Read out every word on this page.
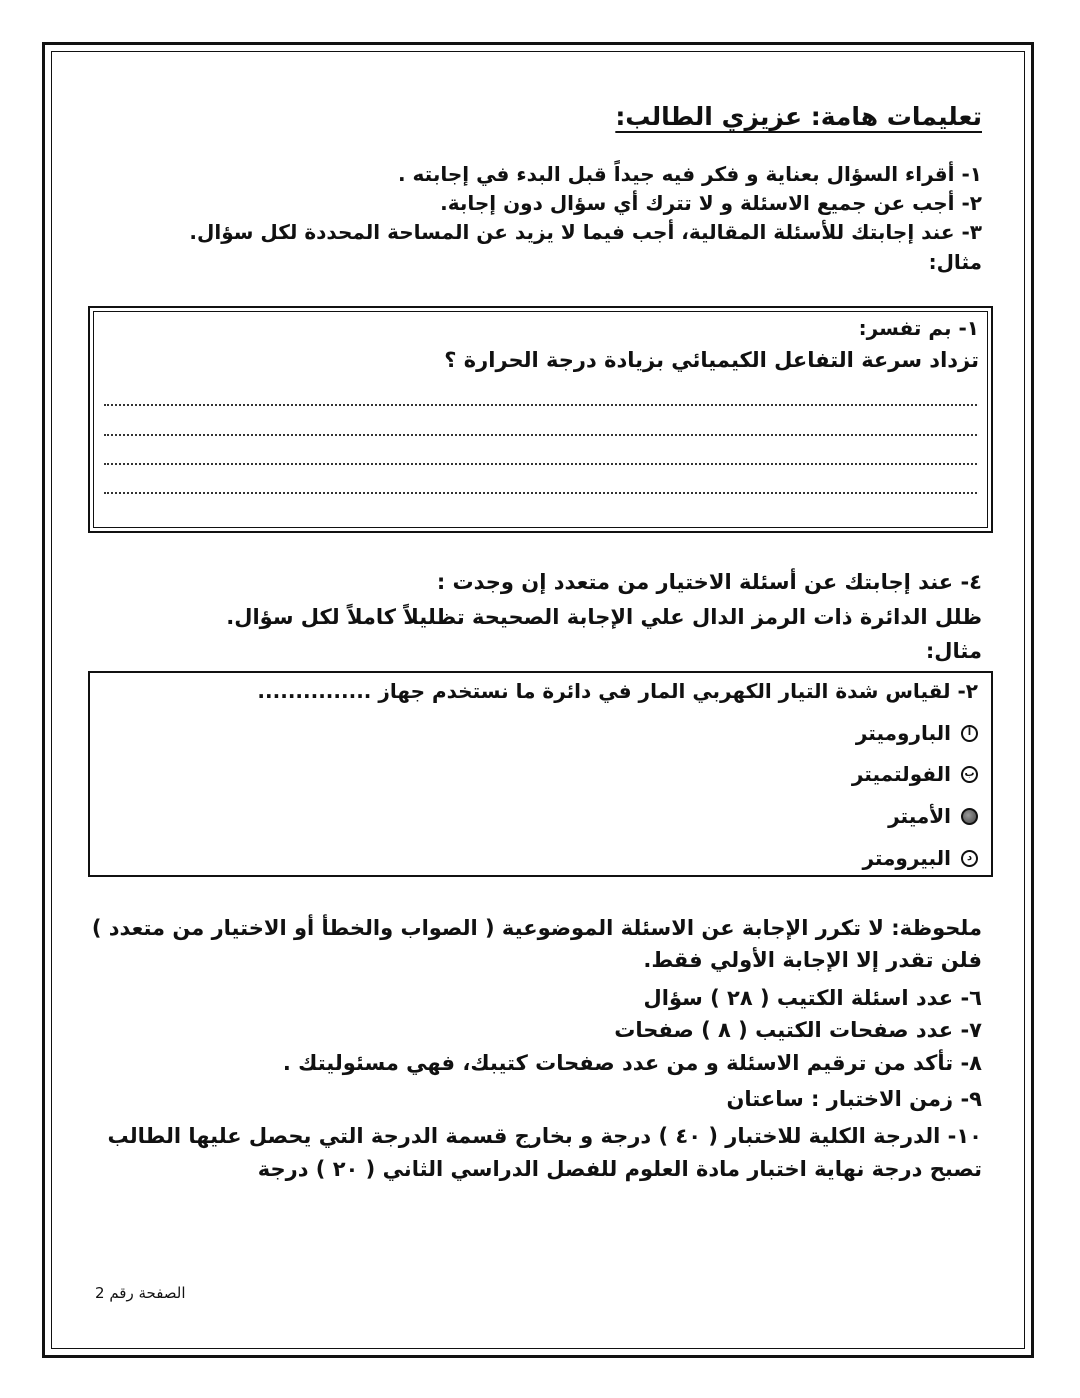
تعليمات هامة: عزيزي الطالب:
١- أقراء السؤال بعناية و فكر فيه جيداً قبل البدء في إجابته .
٢- أجب عن جميع الاسئلة و لا تترك أي سؤال دون إجابة.
٣- عند إجابتك للأسئلة المقالية، أجب فيما لا يزيد عن المساحة المحددة لكل سؤال.
مثال:
١- بم تفسر:
تزداد سرعة التفاعل الكيميائي بزيادة درجة الحرارة ؟
٤- عند إجابتك عن أسئلة الاختيار من متعدد إن وجدت :
ظلل الدائرة ذات الرمز الدال علي الإجابة الصحيحة تظليلاً كاملاً لكل سؤال.
مثال:
٢- لقياس شدة التيار الكهربي المار في دائرة ما نستخدم جهاز ...............
أ
البارومیتر
ب
الفولتمیتر
الأميتر
د
البيرومتر
ملحوظة: لا تكرر الإجابة عن الاسئلة الموضوعية ( الصواب والخطأ أو الاختيار من متعدد )
فلن تقدر إلا الإجابة الأولي فقط.
٦- عدد اسئلة الكتيب ( ٢٨ ) سؤال
٧- عدد صفحات الكتيب ( ٨ ) صفحات
٨- تأكد من ترقيم الاسئلة و من عدد صفحات كتيبك، فهي مسئوليتك .
٩- زمن الاختبار : ساعتان
١٠- الدرجة الكلية للاختبار ( ٤٠ ) درجة و بخارج قسمة الدرجة التي يحصل عليها الطالب
تصبح درجة نهاية اختبار مادة العلوم للفصل الدراسي الثاني ( ٢٠ ) درجة
الصفحة رقم 2
